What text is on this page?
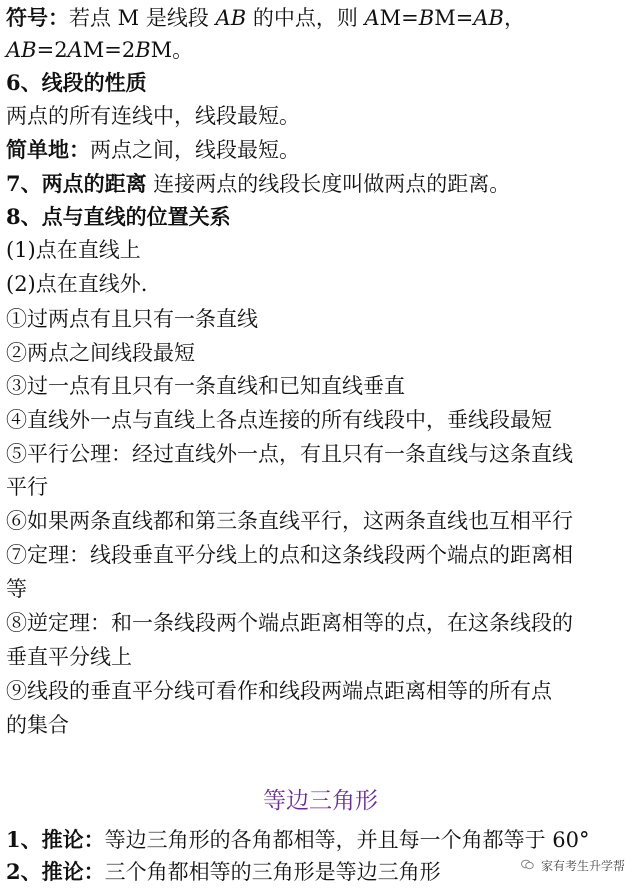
符号：若点 M 是线段 AB 的中点，则 AM=BM=AB，
AB=2AM=2BM。
6、线段的性质
两点的所有连线中，线段最短。
简单地：两点之间，线段最短。
7、两点的距离 连接两点的线段长度叫做两点的距离。
8、点与直线的位置关系
(1)点在直线上
(2)点在直线外.
①过两点有且只有一条直线
②两点之间线段最短
③过一点有且只有一条直线和已知直线垂直
④直线外一点与直线上各点连接的所有线段中，垂线段最短
⑤平行公理：经过直线外一点，有且只有一条直线与这条直线
平行
⑥如果两条直线都和第三条直线平行，这两条直线也互相平行
⑦定理：线段垂直平分线上的点和这条线段两个端点的距离相
等
⑧逆定理：和一条线段两个端点距离相等的点，在这条线段的
垂直平分线上
⑨线段的垂直平分线可看作和线段两端点距离相等的所有点
的集合
等边三角形
1、推论：等边三角形的各角都相等，并且每一个角都等于 60°
2、推论：三个角都相等的三角形是等边三角形	家有考生升学帮
